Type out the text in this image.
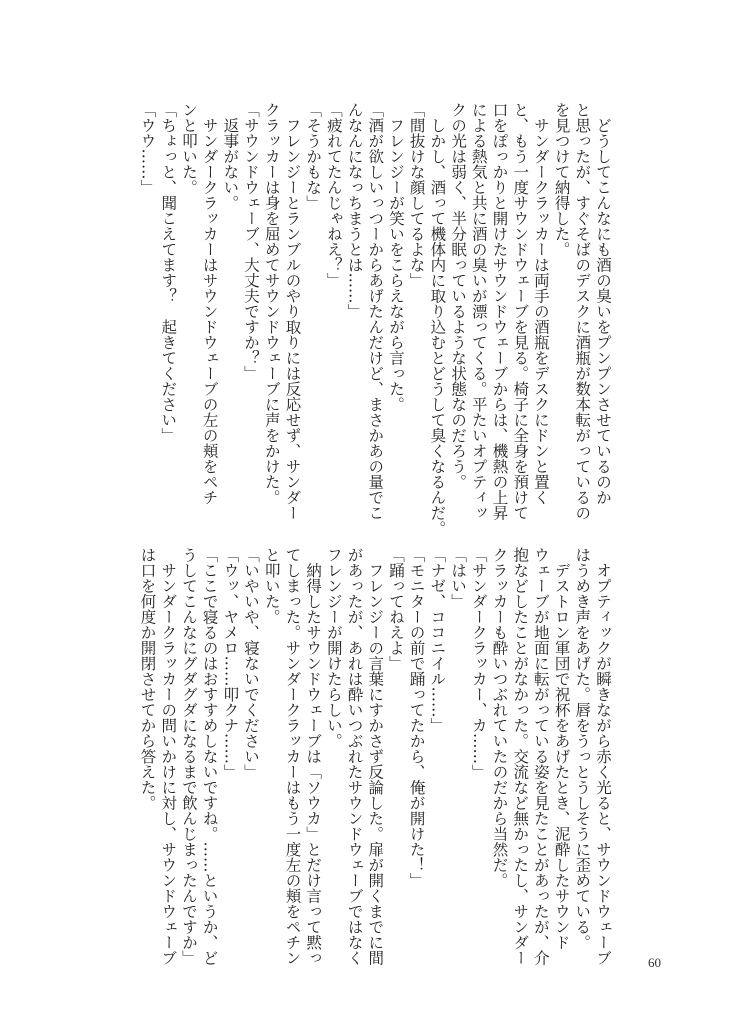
　どうしてこんなにも酒の臭いをプンプンさせているのか
と思ったが、すぐそばのデスクに酒瓶が数本転がっているの
を見つけて納得した。
　サンダークラッカーは両手の酒瓶をデスクにドンと置く
と、もう一度サウンドウェーブを見る。椅子に全身を預けて
口をぽっかりと開けたサウンドウェーブからは、機熱の上昇
による熱気と共に酒の臭いが漂ってくる。平たいオプティッ
クの光は弱く、半分眠っているような状態なのだろう。
　しかし、酒って機体内に取り込むとどうして臭くなるんだ。
「間抜けな顔してるよな」
　フレンジーが笑いをこらえながら言った。
「酒が欲しいっつーからあげたんだけど、まさかあの量でこ
んなんになっちまうとは……」
「疲れてたんじゃねえ？」
「そうかもな」
　フレンジーとランブルのやり取りには反応せず、サンダー
クラッカーは身を屈めてサウンドウェーブに声をかけた。
「サウンドウェーブ、大丈夫ですか？」
　返事がない。
　サンダークラッカーはサウンドウェーブの左の頬をペチ
ンと叩いた。
「ちょっと、聞こえてます？　起きてください」
「ウウ……」
　オプティックが瞬きながら赤く光ると、サウンドウェーブ
はうめき声をあげた。唇をうっとうしそうに歪めている。
　デストロン軍団で祝杯をあげたとき、泥酔したサウンド
ウェーブが地面に転がっている姿を見たことがあったが、介
抱などしたことがなかった。交流など無かったし、サンダー
クラッカーも酔いつぶれていたのだから当然だ。
「サンダークラッカー、カ……」
「はい」
「ナゼ、ココニイル……」
「モニターの前で踊ってたから、俺が開けた！」
「踊ってねえよ」
　フレンジーの言葉にすかさず反論した。扉が開くまでに間
があったが、あれは酔いつぶれたサウンドウェーブではなく
フレンジーが開けたらしい。
　納得したサウンドウェーブは「ソウカ」とだけ言って黙っ
てしまった。サンダークラッカーはもう一度左の頬をペチン
と叩いた。
「いやいや、寝ないでください」
「ウッ、ヤメロ……叩クナ……」
「ここで寝るのはおすすめしないですね。……というか、ど
うしてこんなにグダグダになるまで飲んじまったんですか」
　サンダークラッカーの問いかけに対し、サウンドウェーブ
は口を何度か開閉させてから答えた。
60
